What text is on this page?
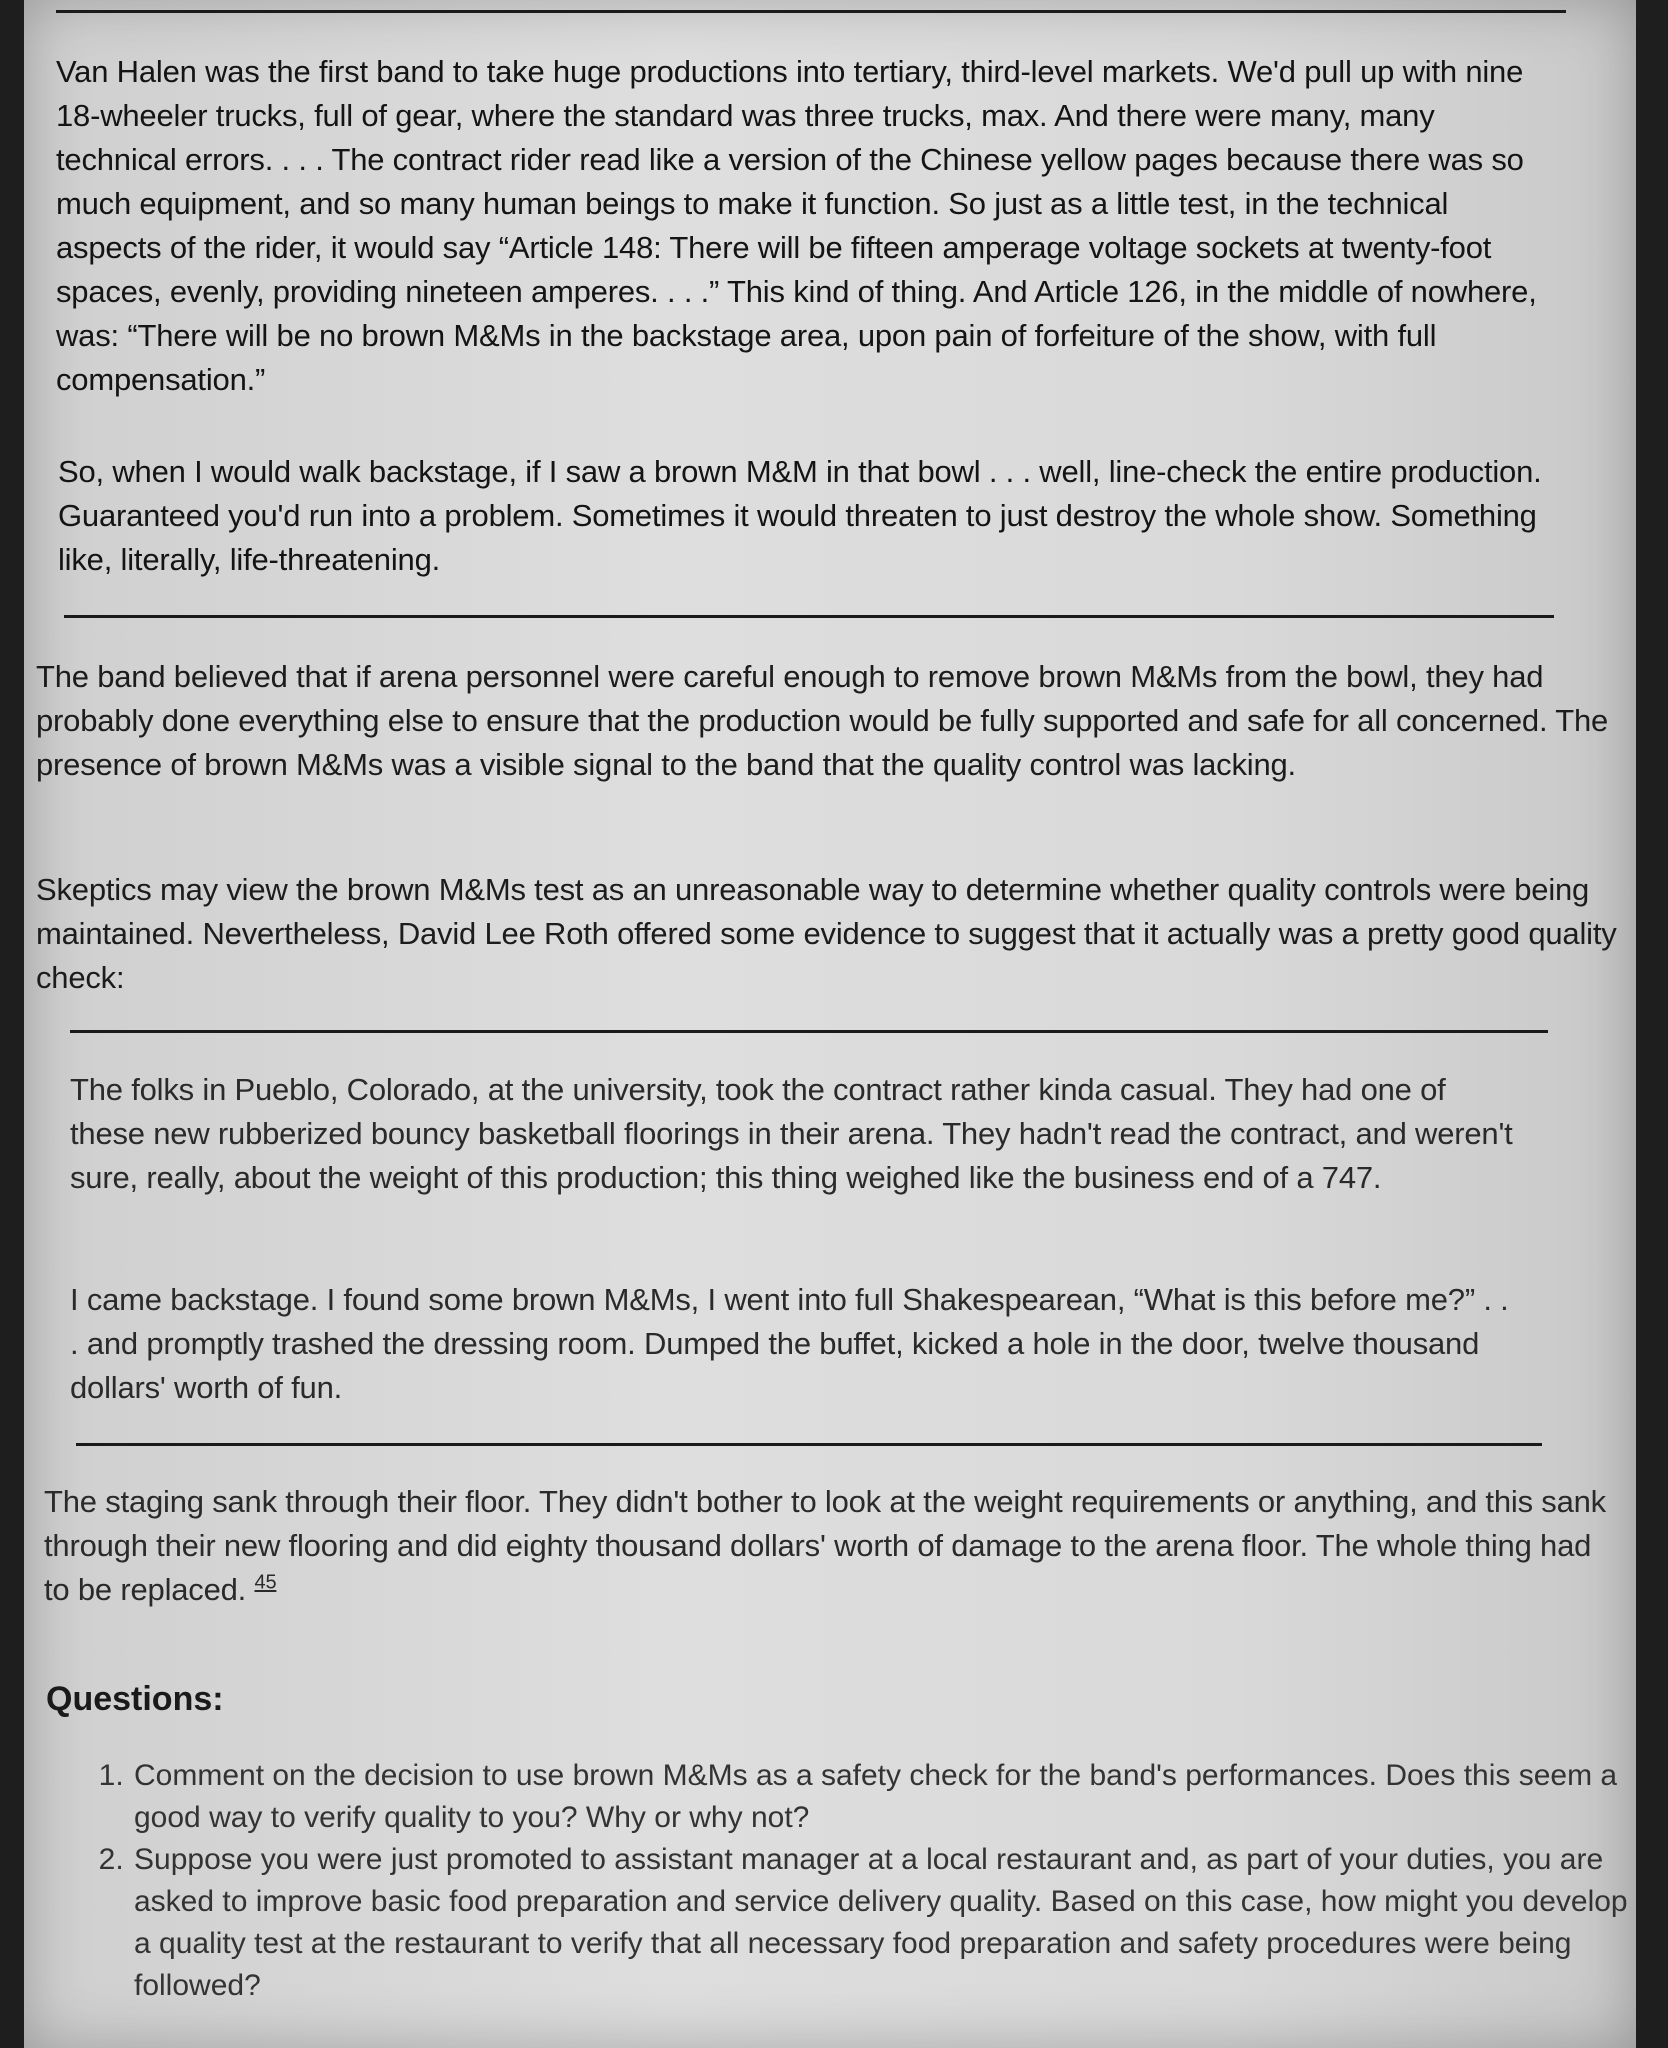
Van Halen was the first band to take huge productions into tertiary, third-level markets. We'd pull up with nine 18-wheeler trucks, full of gear, where the standard was three trucks, max. And there were many, many technical errors. . . . The contract rider read like a version of the Chinese yellow pages because there was so much equipment, and so many human beings to make it function. So just as a little test, in the technical aspects of the rider, it would say “Article 148: There will be fifteen amperage voltage sockets at twenty-foot spaces, evenly, providing nineteen amperes. . . .” This kind of thing. And Article 126, in the middle of nowhere, was: “There will be no brown M&Ms in the backstage area, upon pain of forfeiture of the show, with full compensation.”

So, when I would walk backstage, if I saw a brown M&M in that bowl . . . well, line-check the entire production. Guaranteed you'd run into a problem. Sometimes it would threaten to just destroy the whole show. Something like, literally, life-threatening.

The band believed that if arena personnel were careful enough to remove brown M&Ms from the bowl, they had probably done everything else to ensure that the production would be fully supported and safe for all concerned. The presence of brown M&Ms was a visible signal to the band that the quality control was lacking.

Skeptics may view the brown M&Ms test as an unreasonable way to determine whether quality controls were being maintained. Nevertheless, David Lee Roth offered some evidence to suggest that it actually was a pretty good quality check:

The folks in Pueblo, Colorado, at the university, took the contract rather kinda casual. They had one of these new rubberized bouncy basketball floorings in their arena. They hadn't read the contract, and weren't sure, really, about the weight of this production; this thing weighed like the business end of a 747.

I came backstage. I found some brown M&Ms, I went into full Shakespearean, “What is this before me?” . . . and promptly trashed the dressing room. Dumped the buffet, kicked a hole in the door, twelve thousand dollars' worth of fun.

The staging sank through their floor. They didn't bother to look at the weight requirements or anything, and this sank through their new flooring and did eighty thousand dollars' worth of damage to the arena floor. The whole thing had to be replaced. $^{45}$

Questions:
1. Comment on the decision to use brown M&Ms as a safety check for the band's performances. Does this seem a good way to verify quality to you? Why or why not?
2. Suppose you were just promoted to assistant manager at a local restaurant and, as part of your duties, you are asked to improve basic food preparation and service delivery quality. Based on this case, how might you develop a quality test at the restaurant to verify that all necessary food preparation and safety procedures were being followed?
